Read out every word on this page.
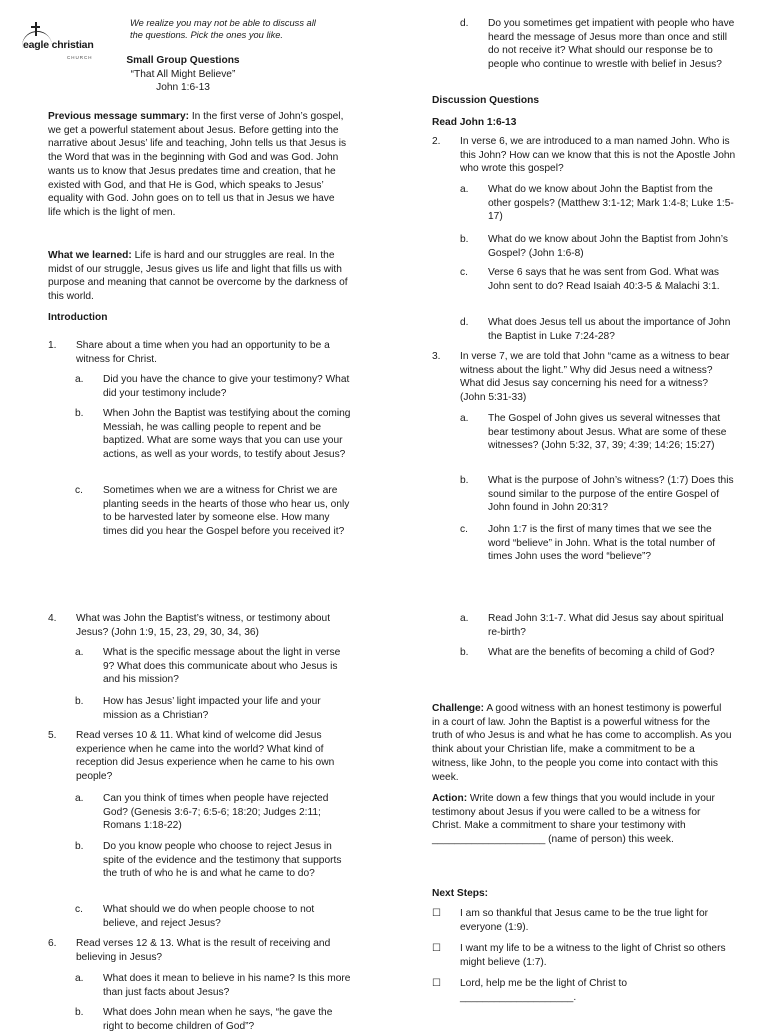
eagle christian
CHURCH

We realize you may not be able to discuss all the questions. Pick the ones you like.

Small Group Questions

“That All Might Believe”

John 1:6-13

Previous message summary: In the first verse of John’s gospel, we get a powerful statement about Jesus. Before getting into the narrative about Jesus’ life and teaching, John tells us that Jesus is the Word that was in the beginning with God and was God. John wants us to know that Jesus predates time and creation, that he existed with God, and that He is God, which speaks to Jesus’ equality with God. John goes on to tell us that in Jesus we have life which is the light of men.

What we learned: Life is hard and our struggles are real. In the midst of our struggle, Jesus gives us life and light that fills us with purpose and meaning that cannot be overcome by the darkness of this world.

Introduction

1. Share about a time when you had an opportunity to be a witness for Christ.
a. Did you have the chance to give your testimony? What did your testimony include?
b. When John the Baptist was testifying about the coming Messiah, he was calling people to repent and be baptized. What are some ways that you can use your actions, as well as your words, to testify about Jesus?
c. Sometimes when we are a witness for Christ we are planting seeds in the hearts of those who hear us, only to be harvested later by someone else. How many times did you hear the Gospel before you received it?
4. What was John the Baptist’s witness, or testimony about Jesus? (John 1:9, 15, 23, 29, 30, 34, 36)
a. What is the specific message about the light in verse 9? What does this communicate about who Jesus is and his mission?
b. How has Jesus’ light impacted your life and your mission as a Christian?
5. Read verses 10 & 11. What kind of welcome did Jesus experience when he came into the world? What kind of reception did Jesus experience when he came to his own people?
a. Can you think of times when people have rejected God? (Genesis 3:6-7; 6:5-6; 18:20; Judges 2:11; Romans 1:18-22)
b. Do you know people who choose to reject Jesus in spite of the evidence and the testimony that supports the truth of who he is and what he came to do?
c. What should we do when people choose to not believe, and reject Jesus?
6. Read verses 12 & 13. What is the result of receiving and believing in Jesus?
a. What does it mean to believe in his name? Is this more than just facts about Jesus?
b. What does John mean when he says, “he gave the right to become children of God”?
d. Do you sometimes get impatient with people who have heard the message of Jesus more than once and still do not receive it? What should our response be to people who continue to wrestle with belief in Jesus?

Discussion Questions

Read John 1:6-13

2. In verse 6, we are introduced to a man named John. Who is this John? How can we know that this is not the Apostle John who wrote this gospel?
a. What do we know about John the Baptist from the other gospels? (Matthew 3:1-12; Mark 1:4-8; Luke 1:5-17)
b. What do we know about John the Baptist from John’s Gospel? (John 1:6-8)
c. Verse 6 says that he was sent from God. What was John sent to do? Read Isaiah 40:3-5 & Malachi 3:1.
d. What does Jesus tell us about the importance of John the Baptist in Luke 7:24-28?
3. In verse 7, we are told that John “came as a witness to bear witness about the light.” Why did Jesus need a witness? What did Jesus say concerning his need for a witness? (John 5:31-33)
a. The Gospel of John gives us several witnesses that bear testimony about Jesus. What are some of these witnesses? (John 5:32, 37, 39; 4:39; 14:26; 15:27)
b. What is the purpose of John’s witness? (1:7) Does this sound similar to the purpose of the entire Gospel of John found in John 20:31?
c. John 1:7 is the first of many times that we see the word “believe” in John. What is the total number of times John uses the word “believe”?
a. Read John 3:1-7. What did Jesus say about spiritual re-birth?
b. What are the benefits of becoming a child of God?

Challenge: A good witness with an honest testimony is powerful in a court of law. John the Baptist is a powerful witness for the truth of who Jesus is and what he has come to accomplish. As you think about your Christian life, make a commitment to be a witness, like John, to the people you come into contact with this week.

Action: Write down a few things that you would include in your testimony about Jesus if you were called to be a witness for Christ. Make a commitment to share your testimony with ____________________ (name of person) this week.

Next Steps:

☐ I am so thankful that Jesus came to be the true light for everyone (1:9).
☐ I want my life to be a witness to the light of Christ so others might believe (1:7).
☐ Lord, help me be the light of Christ to ____________________.
